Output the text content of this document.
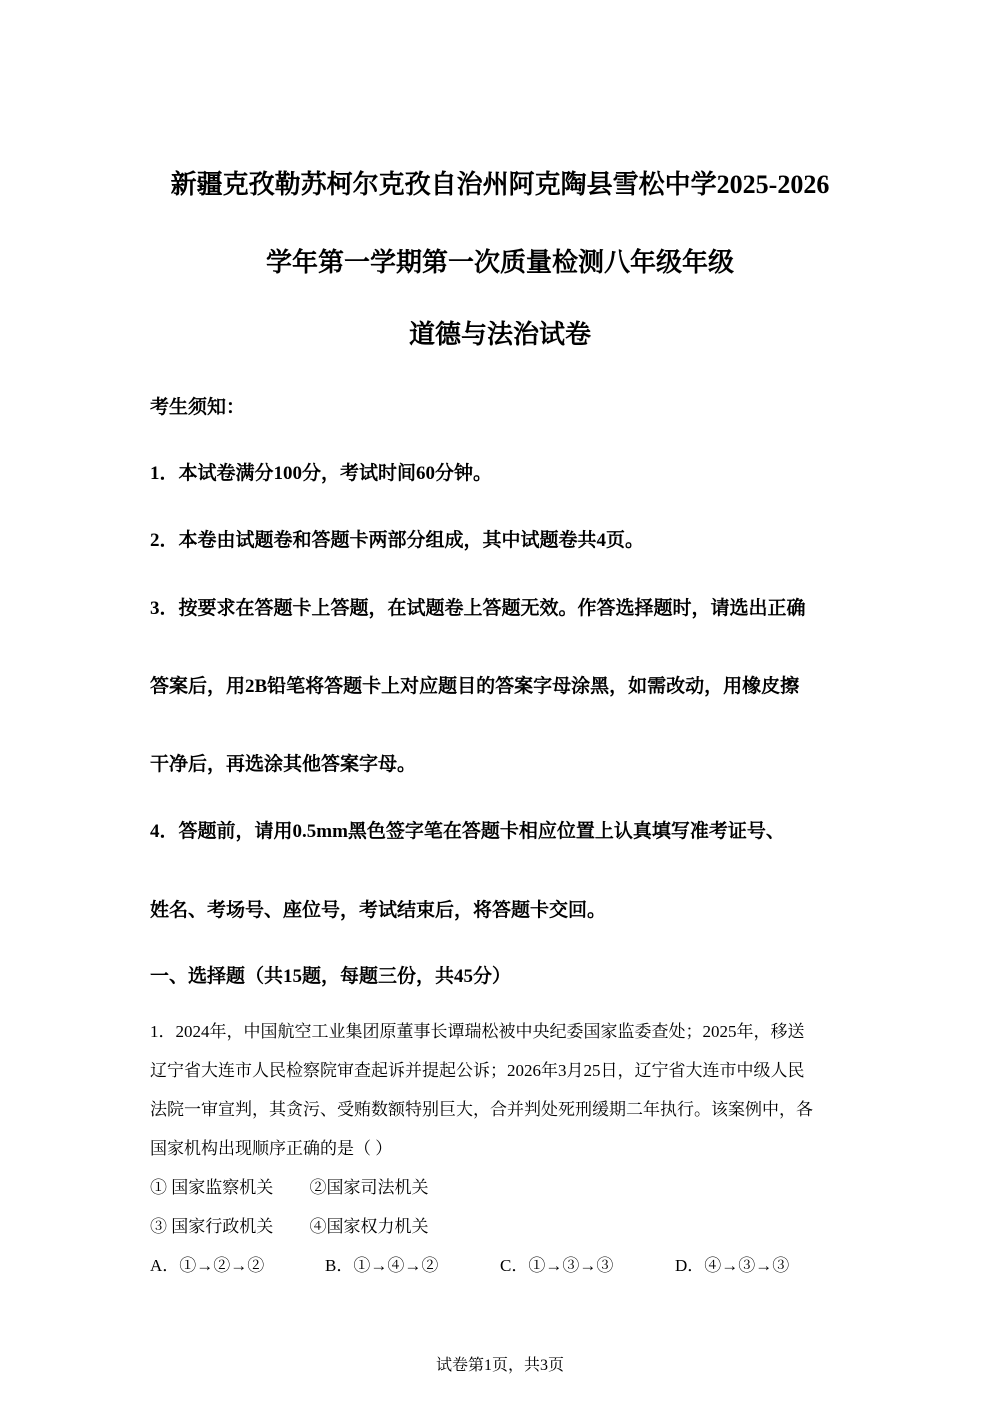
新疆克孜勒苏柯尔克孜自治州阿克陶县雪松中学2025-2026
学年第一学期第一次质量检测八年级年级
道德与法治试卷
考生须知：
1．本试卷满分100分，考试时间60分钟。
2．本卷由试题卷和答题卡两部分组成，其中试题卷共4页。
3．按要求在答题卡上答题，在试题卷上答题无效。作答选择题时，请选出正确
答案后，用2B铅笔将答题卡上对应题目的答案字母涂黑，如需改动，用橡皮擦
干净后，再选涂其他答案字母。
4．答题前，请用0.5mm黑色签字笔在答题卡相应位置上认真填写准考证号、
姓名、考场号、座位号，考试结束后，将答题卡交回。
一、选择题（共15题，每题三份，共45分）
1．2024年，中国航空工业集团原董事长谭瑞松被中央纪委国家监委查处；2025年，移送
辽宁省大连市人民检察院审查起诉并提起公诉；2026年3月25日，辽宁省大连市中级人民
法院一审宣判，其贪污、受贿数额特别巨大，合并判处死刑缓期二年执行。该案例中，各
国家机构出现顺序正确的是（ ）
① 国家监察机关 ②国家司法机关
③ 国家行政机关 ④国家权力机关
A．①→②→②	B．①→④→②	C．①→③→③	D．④→③→③
试卷第1页，共3页
